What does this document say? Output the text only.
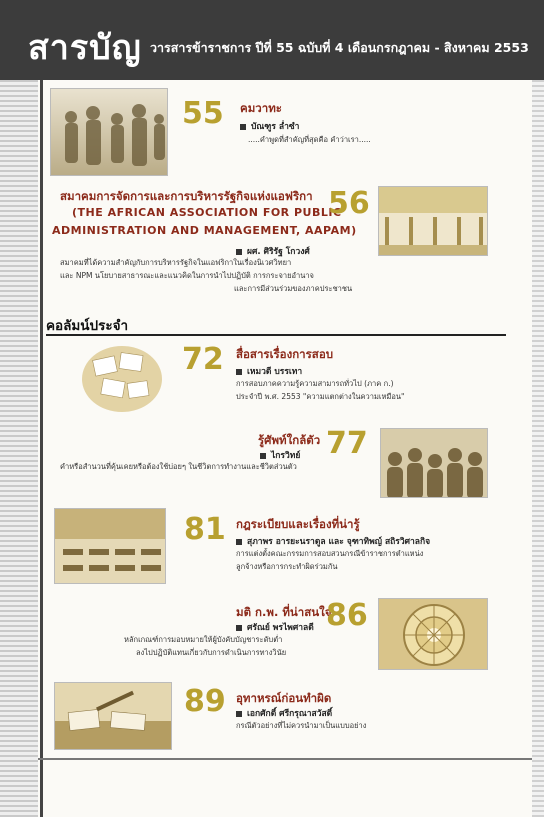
สารบัญ วารสารข้าราชการ ปีที่ 55 ฉบับที่ 4 เดือนกรกฎาคม - สิงหาคม 2553
55 คมวาทะ
บัณฑูร ล่ำซำ
.....คำพูดที่สำคัญที่สุดคือ คำว่าเรา.....
สมาคมการจัดการและการบริหารรัฐกิจแห่งแอฟริกา
(THE AFRICAN ASSOCIATION FOR PUBLIC
ADMINISTRATION AND MANAGEMENT, AAPAM)
56
ผศ. ศิริรัฐ โกวงศ์
สมาคมที่ได้ความสำคัญกับการบริหารรัฐกิจในแอฟริกาในเรื่องนิเวศวิทยา
และ NPM นโยบายสาธารณะและแนวคิดในการนำไปปฏิบัติ การกระจายอำนาจ
และการมีส่วนร่วมของภาคประชาชน
คอลัมน์ประจำ
72 สื่อสารเรื่องการสอบ
เหมวดี บรรเทา
การสอบภาคความรู้ความสามารถทั่วไป (ภาค ก.)
ประจำปี พ.ศ. 2553 "ความแตกต่างในความเหมือน"
รู้ศัพท์ใกล้ตัว 77
ไกรวิทย์
คำหรือสำนวนที่คุ้นเคยหรือต้องใช้บ่อยๆ ในชีวิตการทำงานและชีวิตส่วนตัว
81 กฎระเบียบและเรื่องที่น่ารู้
สุภาพร อารยะนราดูล และ จุฑาทิพญ์ สถิรวิศาลกิจ
การแต่งตั้งคณะกรรมการสอบสวนกรณีข้าราชการตำแหน่ง
ลูกจ้างหรือการกระทำผิดร่วมกัน
มติ ก.พ. ที่น่าสนใจ
86
ศรัณย์ พรไพศาลดี
หลักเกณฑ์การมอบหมายให้ผู้บังคับบัญชาระดับต่ำ
ลงไปปฏิบัติแทนเกี่ยวกับการดำเนินการทางวินัย
89 อุทาหรณ์ก่อนทำผิด
เอกศักดิ์ ศรีกรุณาสวัสดิ์
กรณีตัวอย่างที่ไม่ควรนำมาเป็นแบบอย่าง
